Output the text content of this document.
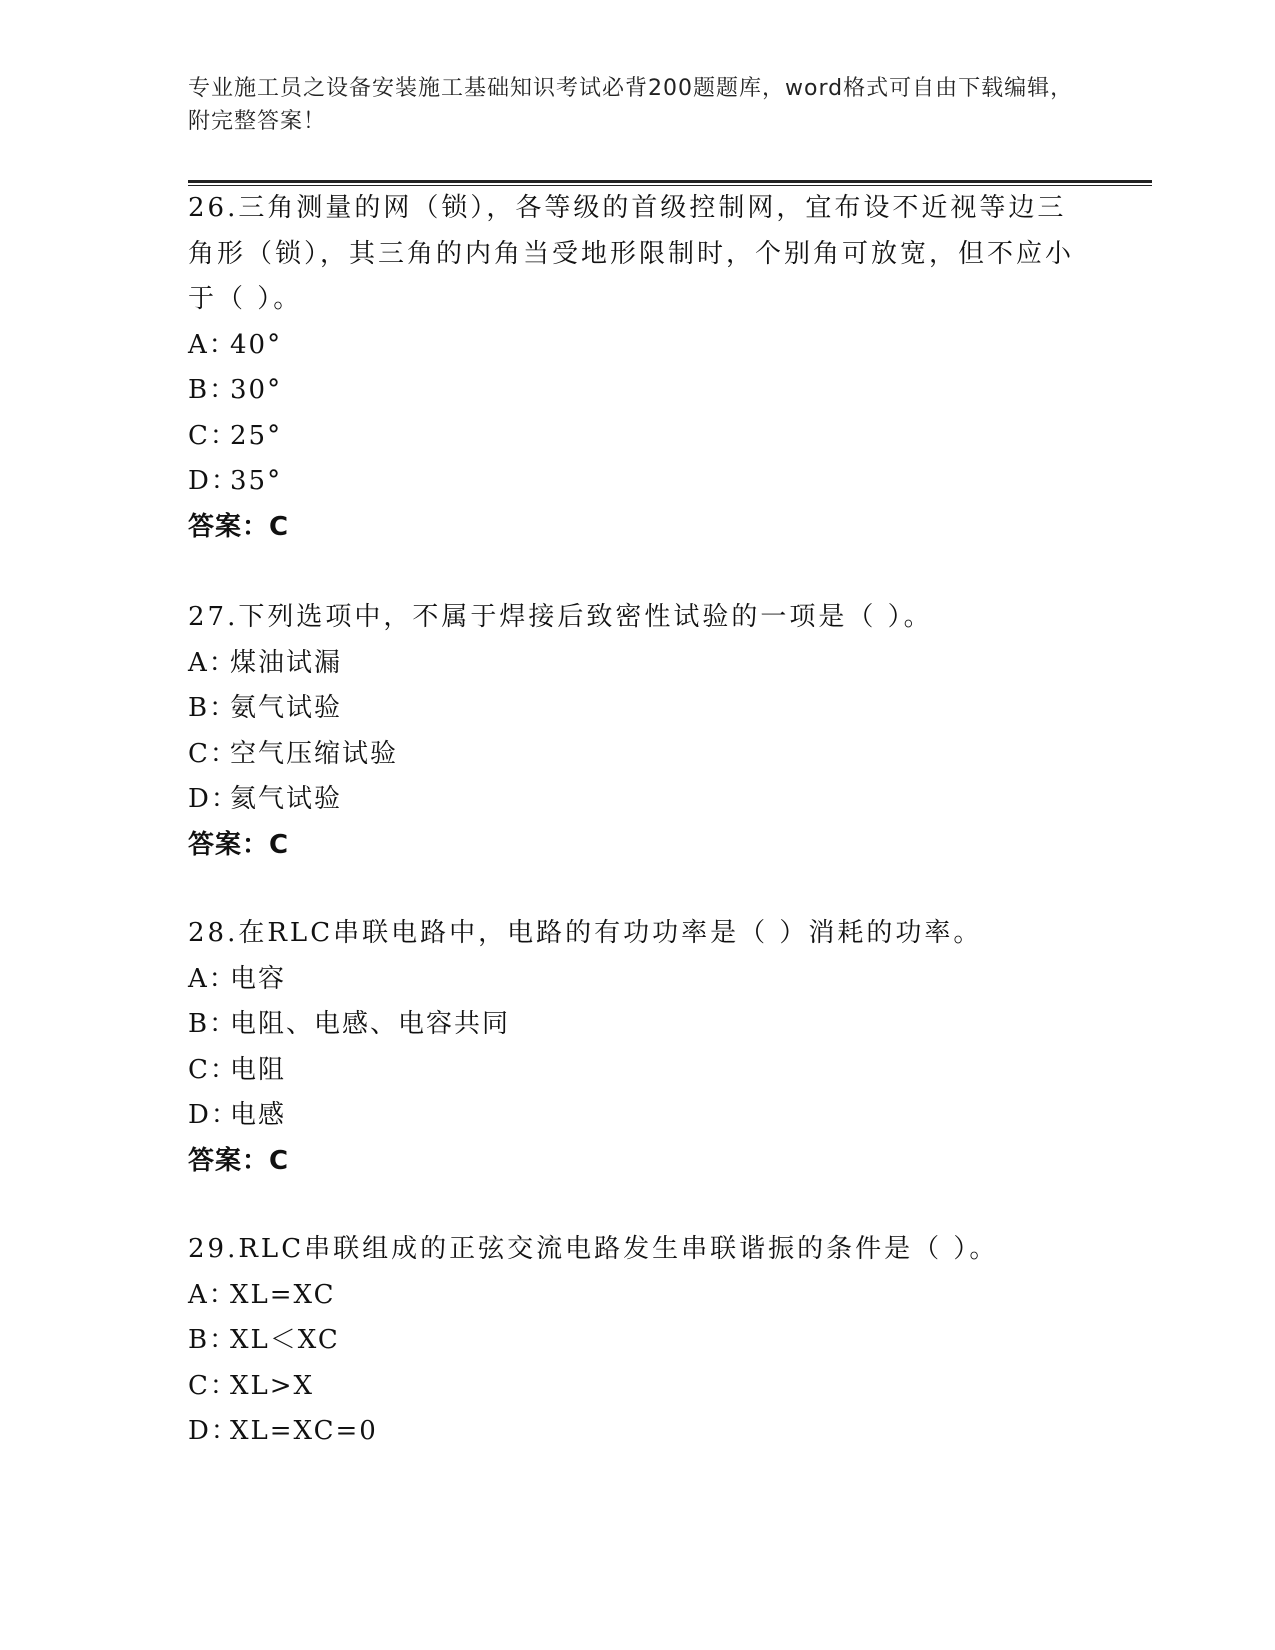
专业施工员之设备安装施工基础知识考试必背200题题库，word格式可自由下载编辑，附完整答案！

26.三角测量的网（锁），各等级的首级控制网，宜布设不近视等边三角形（锁），其三角的内角当受地形限制时，个别角可放宽，但不应小于（ ）。

A：40°

B：30°

C：25°

D：35°

答案：C

27.下列选项中，不属于焊接后致密性试验的一项是（ ）。

A：煤油试漏

B：氨气试验

C：空气压缩试验

D：氦气试验

答案：C

28.在RLC串联电路中，电路的有功功率是（ ）消耗的功率。

A：电容

B：电阻、电感、电容共同

C：电阻

D：电感

答案：C

29.RLC串联组成的正弦交流电路发生串联谐振的条件是（ ）。

A：XL=XC

B：XL＜XC

C：XL>X

D：XL=XC=0
